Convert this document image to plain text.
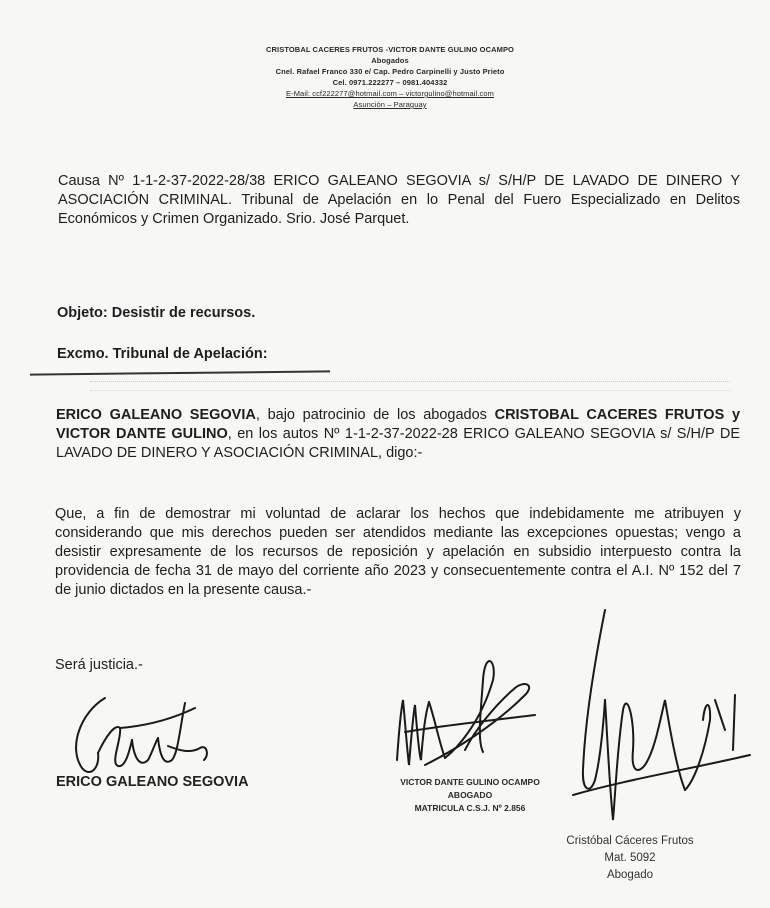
CRISTOBAL CACERES FRUTOS -VICTOR DANTE GULINO OCAMPO
Abogados
Cnel. Rafael Franco 330 e/ Cap. Pedro Carpinelli y Justo Prieto
Cel. 0971.222277 – 0981.404332
E-Mail: ccf222277@hotmail.com – victorgulino@hotmail.com
Asunción – Paraguay
Causa Nº 1-1-2-37-2022-28/38 ERICO GALEANO SEGOVIA s/ S/H/P DE LAVADO DE DINERO Y ASOCIACIÓN CRIMINAL. Tribunal de Apelación en lo Penal del Fuero Especializado en Delitos Económicos y Crimen Organizado. Srio. José Parquet.
Objeto: Desistir de recursos.
Excmo. Tribunal de Apelación:
ERICO GALEANO SEGOVIA, bajo patrocinio de los abogados CRISTOBAL CACERES FRUTOS y VICTOR DANTE GULINO, en los autos Nº 1-1-2-37-2022-28 ERICO GALEANO SEGOVIA s/ S/H/P DE LAVADO DE DINERO Y ASOCIACIÓN CRIMINAL, digo:-
Que, a fin de demostrar mi voluntad de aclarar los hechos que indebidamente me atribuyen y considerando que mis derechos pueden ser atendidos mediante las excepciones opuestas; vengo a desistir expresamente de los recursos de reposición y apelación en subsidio interpuesto contra la providencia de fecha 31 de mayo del corriente año 2023 y consecuentemente contra el A.I. Nº 152 del 7 de junio dictados en la presente causa.-
Será justicia.-
ERICO GALEANO SEGOVIA	VICTOR DANTE GULINO OCAMPO
ABOGADO
MATRICULA C.S.J. Nº 2.856
Cristóbal Cáceres Frutos
Mat. 5092
Abogado
